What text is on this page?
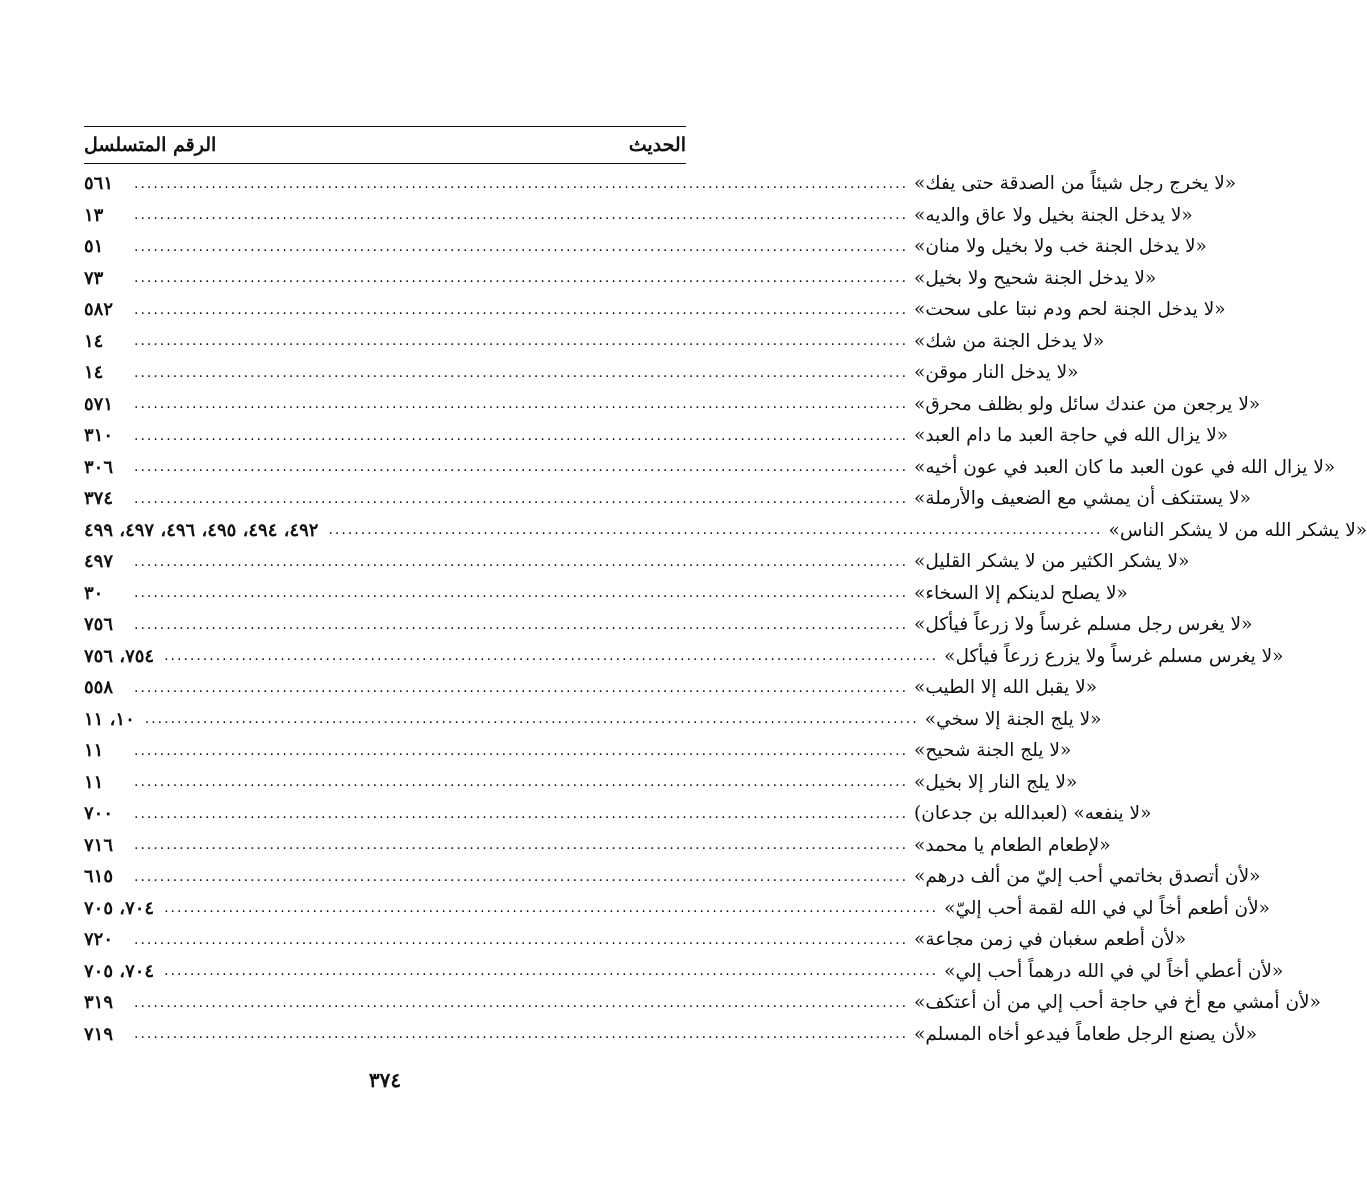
الرقم المتسلسل	الحديث
٥٦١	«لا يخرج رجل شيئاً من الصدقة حتى يفك»
........................................................................................................................
١٣	«لا يدخل الجنة بخيل ولا عاق والديه»
........................................................................................................................
٥١	«لا يدخل الجنة خب ولا بخيل ولا منان»
........................................................................................................................
٧٣	«لا يدخل الجنة شحيح ولا بخيل»
........................................................................................................................
٥٨٢	«لا يدخل الجنة لحم ودم نبتا على سحت»
........................................................................................................................
١٤	«لا يدخل الجنة من شك»
........................................................................................................................
١٤	«لا يدخل النار موقن»
........................................................................................................................
٥٧١	«لا يرجعن من عندك سائل ولو بظلف محرق»
........................................................................................................................
٣١٠	«لا يزال الله في حاجة العبد ما دام العبد»
........................................................................................................................
٣٠٦	«لا يزال الله في عون العبد ما كان العبد في عون أخيه»
........................................................................................................................
٣٧٤	«لا يستنكف أن يمشي مع الضعيف والأرملة»
........................................................................................................................
٤٩٢، ٤٩٤، ٤٩٥، ٤٩٦، ٤٩٧، ٤٩٩	«لا يشكر الله من لا يشكر الناس»
........................................................................................................................
٤٩٧	«لا يشكر الكثير من لا يشكر القليل»
........................................................................................................................
٣٠	«لا يصلح لدينكم إلا السخاء»
........................................................................................................................
٧٥٦	«لا يغرس رجل مسلم غرساً ولا زرعاً فيأكل»
........................................................................................................................
٧٥٤، ٧٥٦	«لا يغرس مسلم غرساً ولا يزرع زرعاً فيأكل»
........................................................................................................................
٥٥٨	«لا يقبل الله إلا الطيب»
........................................................................................................................
١٠، ١١	«لا يلج الجنة إلا سخي»
........................................................................................................................
١١	«لا يلج الجنة شحيح»
........................................................................................................................
١١	«لا يلج النار إلا بخيل»
........................................................................................................................
٧٠٠	«لا ينفعه» (لعبدالله بن جدعان)
........................................................................................................................
٧١٦	«لإطعام الطعام يا محمد»
........................................................................................................................
٦١٥	«لأن أتصدق بخاتمي أحب إليّ من ألف درهم»
........................................................................................................................
٧٠٤، ٧٠٥	«لأن أطعم أخاً لي في الله لقمة أحب إليّ»
........................................................................................................................
٧٢٠	«لأن أطعم سغبان في زمن مجاعة»
........................................................................................................................
٧٠٤، ٧٠٥	«لأن أعطي أخاً لي في الله درهماً أحب إلي»
........................................................................................................................
٣١٩	«لأن أمشي مع أخ في حاجة أحب إلي من أن أعتكف»
........................................................................................................................
٧١٩	«لأن يصنع الرجل طعاماً فيدعو أخاه المسلم»
........................................................................................................................
٣٧٤
